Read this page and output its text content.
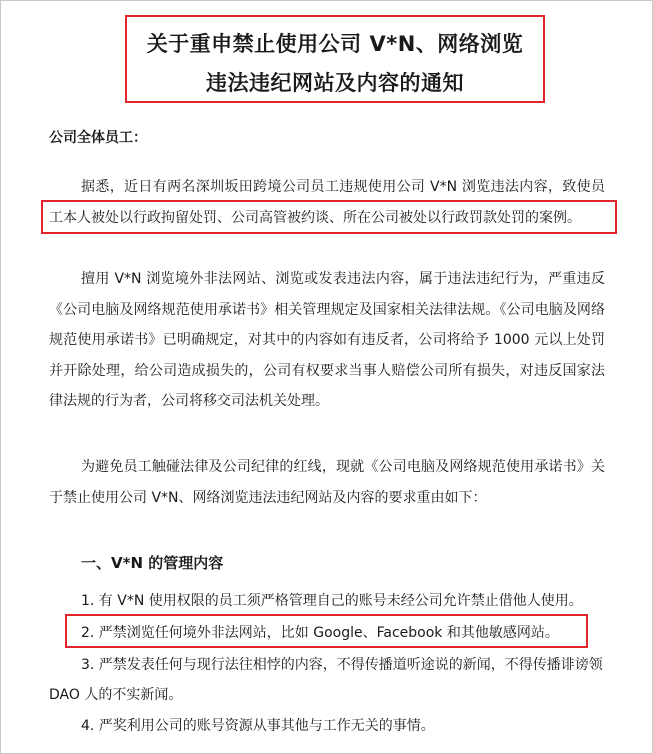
关于重申禁止使用公司 V*N、网络浏览
违法违纪网站及内容的通知
公司全体员工：
据悉，近日有两名深圳坂田跨境公司员工违规使用公司 V*N 浏览违法内容，致使员工本人被处以行政拘留处罚、公司高管被约谈、所在公司被处以行政罚款处罚的案例。
擅用 V*N 浏览境外非法网站、浏览或发表违法内容，属于违法违纪行为，严重违反《公司电脑及网络规范使用承诺书》相关管理规定及国家相关法律法规。《公司电脑及网络规范使用承诺书》已明确规定，对其中的内容如有违反者，公司将给予 1000 元以上处罚并开除处理，给公司造成损失的，公司有权要求当事人赔偿公司所有损失，对违反国家法律法规的行为者，公司将移交司法机关处理。
为避免员工触碰法律及公司纪律的红线，现就《公司电脑及网络规范使用承诺书》关于禁止使用公司 V*N、网络浏览违法违纪网站及内容的要求重由如下：
一、V*N 的管理内容
1. 有 V*N 使用权限的员工须严格管理自己的账号未经公司允许禁止借他人使用。
2. 严禁浏览任何境外非法网站，比如 Google、Facebook 和其他敏感网站。
3. 严禁发表任何与现行法往相悖的内容，不得传播道听途说的新闻，不得传播诽谤领 DAO 人的不实新闻。
4. 严奖利用公司的账号资源从事其他与工作无关的事情。
